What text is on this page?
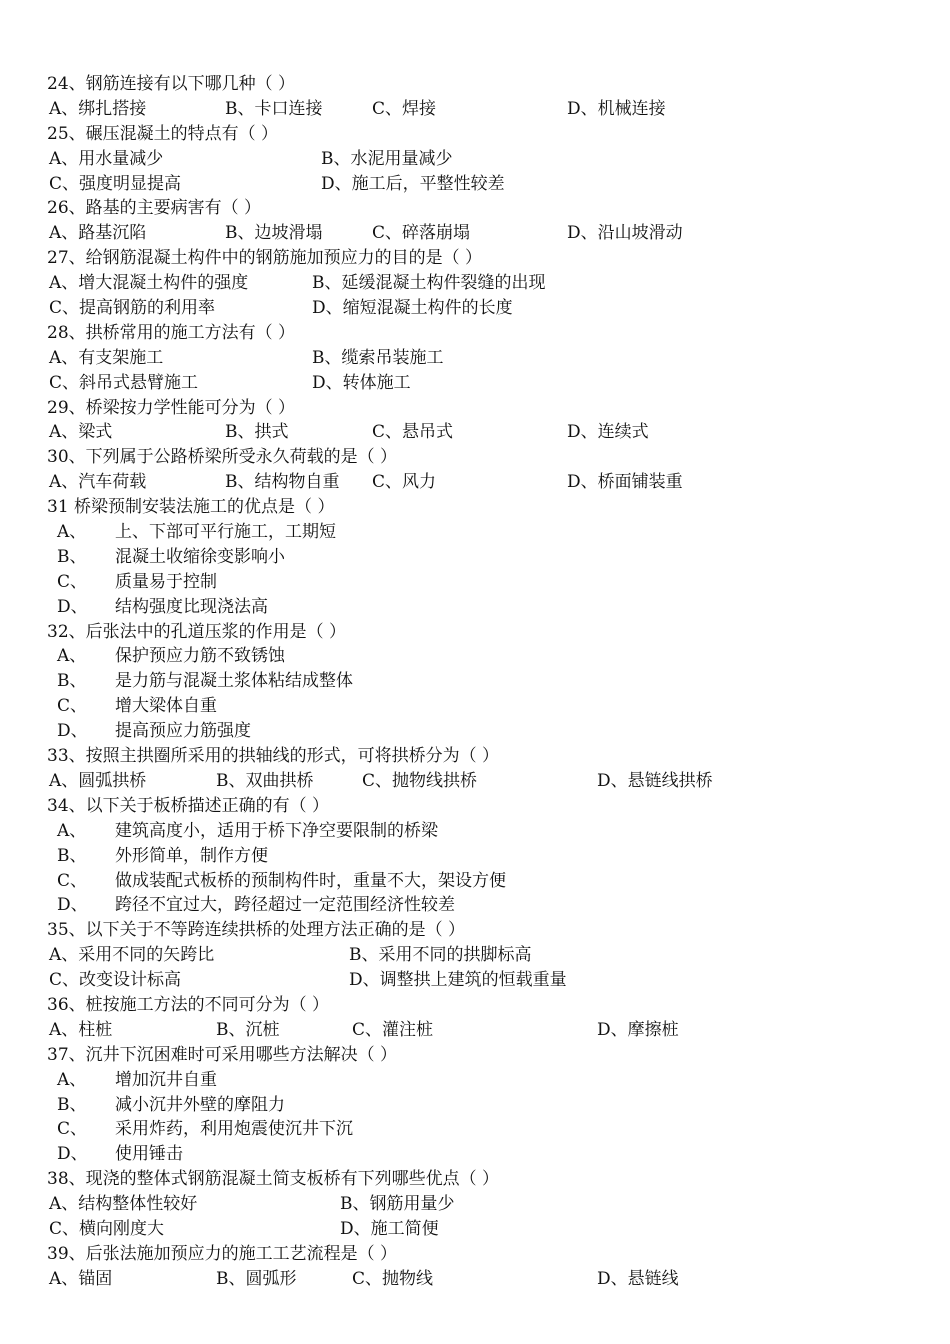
24、钢筋连接有以下哪几种（ ）
A、绑扎搭接	B、卡口连接	C、焊接	D、机械连接
25、碾压混凝土的特点有（ ）
A、用水量减少	B、水泥用量减少
C、强度明显提高	D、施工后，平整性较差
26、路基的主要病害有（ ）
A、路基沉陷	B、边坡滑塌	C、碎落崩塌	D、沿山坡滑动
27、给钢筋混凝土构件中的钢筋施加预应力的目的是（ ）
A、增大混凝土构件的强度	B、延缓混凝土构件裂缝的出现
C、提高钢筋的利用率	D、缩短混凝土构件的长度
28、拱桥常用的施工方法有（ ）
A、有支架施工	B、缆索吊装施工
C、斜吊式悬臂施工	D、转体施工
29、桥梁按力学性能可分为（ ）
A、梁式	B、拱式	C、悬吊式	D、连续式
30、下列属于公路桥梁所受永久荷载的是（ ）
A、汽车荷载	B、结构物自重 C、风力	D、桥面铺装重
31 桥梁预制安装法施工的优点是（ ）
A、 上、下部可平行施工，工期短
B、 混凝土收缩徐变影响小
C、 质量易于控制
D、 结构强度比现浇法高
32、后张法中的孔道压浆的作用是（ ）
A、 保护预应力筋不致锈蚀
B、 是力筋与混凝土浆体粘结成整体
C、 增大梁体自重
D、 提高预应力筋强度
33、按照主拱圈所采用的拱轴线的形式，可将拱桥分为（ ）
A、圆弧拱桥	B、双曲拱桥	C、抛物线拱桥	D、悬链线拱桥
34、以下关于板桥描述正确的有（ ）
A、 建筑高度小，适用于桥下净空要限制的桥梁
B、 外形简单，制作方便
C、 做成装配式板桥的预制构件时，重量不大，架设方便
D、 跨径不宜过大，跨径超过一定范围经济性较差
35、以下关于不等跨连续拱桥的处理方法正确的是（ ）
A、采用不同的矢跨比	B、采用不同的拱脚标高
C、改变设计标高	D、调整拱上建筑的恒载重量
36、桩按施工方法的不同可分为（ ）
A、柱桩	B、沉桩	C、灌注桩	D、摩擦桩
37、沉井下沉困难时可采用哪些方法解决（ ）
A、 增加沉井自重
B、 减小沉井外壁的摩阻力
C、 采用炸药，利用炮震使沉井下沉
D、 使用锤击
38、现浇的整体式钢筋混凝土简支板桥有下列哪些优点（ ）
A、结构整体性较好	B、钢筋用量少
C、横向刚度大	D、施工简便
39、后张法施加预应力的施工工艺流程是（ ）
A、锚固	B、圆弧形	C、抛物线	D、悬链线
